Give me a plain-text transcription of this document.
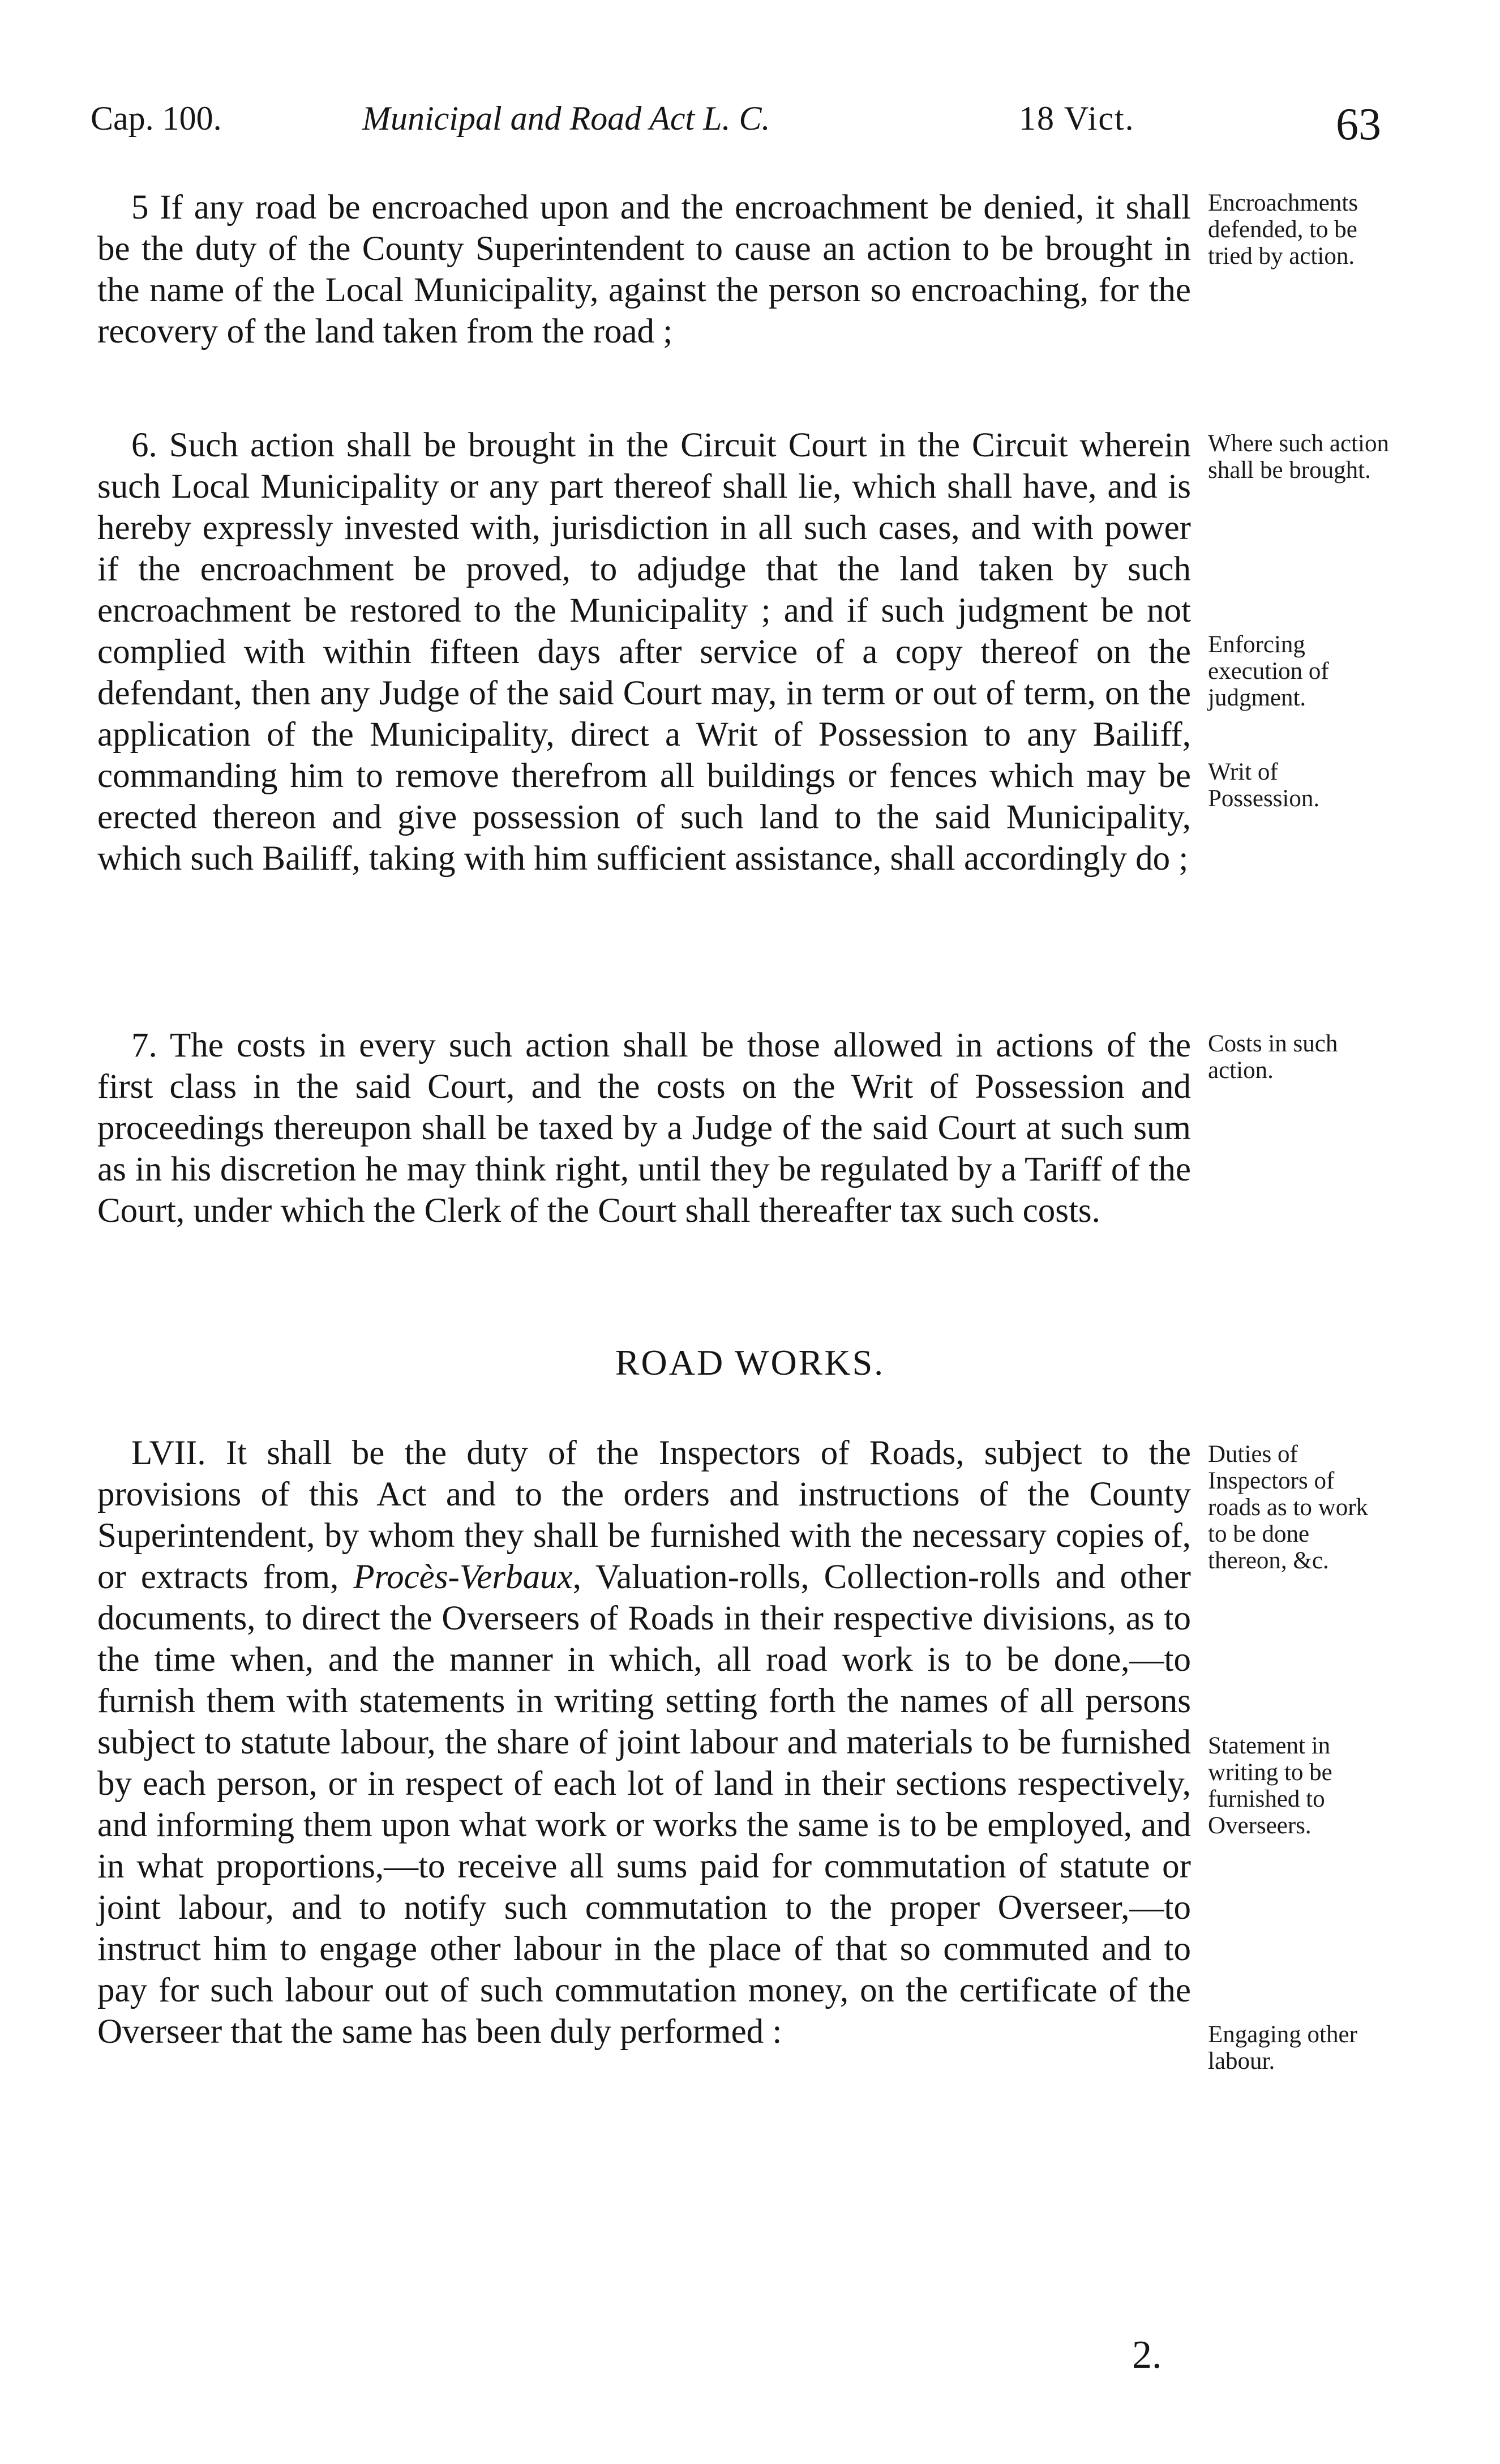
Cap. 100.	Municipal and Road Act L. C.	18 Vict.	63

5 If any road be encroached upon and the encroachment be denied, it shall be the duty of the County Superintendent to cause an action to be brought in the name of the Local Municipality, against the person so encroaching, for the recovery of the land taken from the road ;

6. Such action shall be brought in the Circuit Court in the Circuit wherein such Local Municipality or any part thereof shall lie, which shall have, and is hereby expressly invested with, jurisdiction in all such cases, and with power if the encroachment be proved, to adjudge that the land taken by such encroachment be restored to the Municipality ; and if such judgment be not complied with within fifteen days after service of a copy thereof on the defendant, then any Judge of the said Court may, in term or out of term, on the application of the Municipality, direct a Writ of Possession to any Bailiff, commanding him to remove therefrom all buildings or fences which may be erected thereon and give possession of such land to the said Municipality, which such Bailiff, taking with him sufficient assistance, shall accordingly do ;

7. The costs in every such action shall be those allowed in actions of the first class in the said Court, and the costs on the Writ of Possession and proceedings thereupon shall be taxed by a Judge of the said Court at such sum as in his discretion he may think right, until they be regulated by a Tariff of the Court, under which the Clerk of the Court shall thereafter tax such costs.

ROAD WORKS.

LVII. It shall be the duty of the Inspectors of Roads, subject to the provisions of this Act and to the orders and instructions of the County Superintendent, by whom they shall be furnished with the necessary copies of, or extracts from, Procès-Verbaux, Valuation-rolls, Collection-rolls and other documents, to direct the Overseers of Roads in their respective divisions, as to the time when, and the manner in which, all road work is to be done,—to furnish them with statements in writing setting forth the names of all persons subject to statute labour, the share of joint labour and materials to be furnished by each person, or in respect of each lot of land in their sections respectively, and informing them upon what work or works the same is to be employed, and in what proportions,—to receive all sums paid for commutation of statute or joint labour, and to notify such commutation to the proper Overseer,—to instruct him to engage other labour in the place of that so commuted and to pay for such labour out of such commutation money, on the certificate of the Overseer that the same has been duly performed :

Encroachments defended, to be tried by action.
Where such action shall be brought.
Enforcing execution of judgment.
Writ of Possession.
Costs in such action.
Duties of Inspectors of roads as to work to be done thereon, &c.
Statement in writing to be furnished to Overseers.
Engaging other labour.
2.
